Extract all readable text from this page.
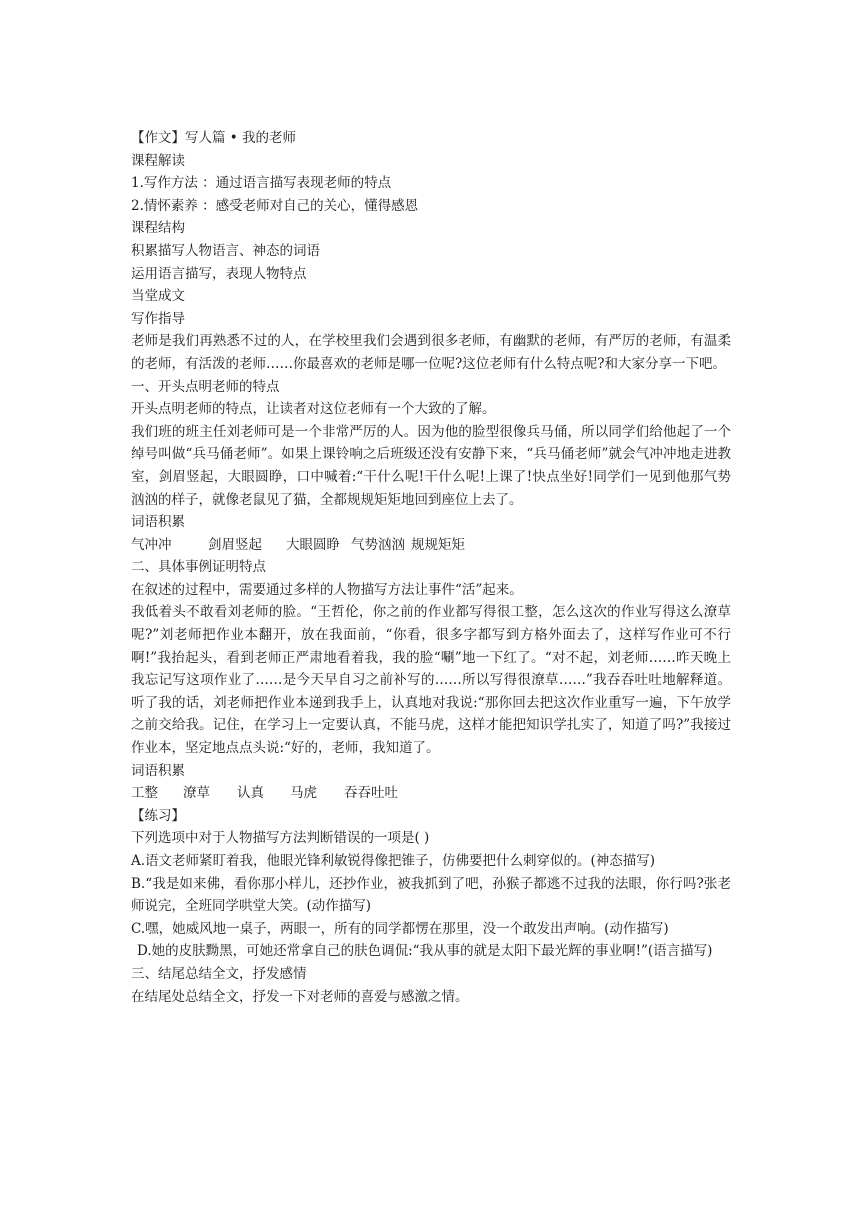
【作文】写人篇 • 我的老师
课程解读
1.写作方法 ：通过语言描写表现老师的特点
2.情怀素养 ：感受老师对自己的关心，懂得感恩
课程结构
积累描写人物语言、神态的词语
运用语言描写，表现人物特点
当堂成文
写作指导
老师是我们再熟悉不过的人，在学校里我们会遇到很多老师，有幽默的老师，有严厉的老师，有温柔的老师，有活泼的老师……你最喜欢的老师是哪一位呢?这位老师有什么特点呢?和大家分享一下吧。
一、开头点明老师的特点
开头点明老师的特点，让读者对这位老师有一个大致的了解。
我们班的班主任刘老师可是一个非常严厉的人。因为他的脸型很像兵马俑，所以同学们给他起了一个绰号叫做“兵马俑老师”。如果上课铃响之后班级还没有安静下来，“兵马俑老师”就会气冲冲地走进教室，剑眉竖起，大眼圆睁，口中喊着:“干什么呢!干什么呢!上课了!快点坐好!同学们一见到他那气势汹汹的样子，就像老鼠见了猫，全都规规矩矩地回到座位上去了。
词语积累
气冲冲	剑眉竖起 大眼圆睁 气势汹汹 规规矩矩
二、具体事例证明特点
在叙述的过程中，需要通过多样的人物描写方法让事件“活”起来。
我低着头不敢看刘老师的脸。“王哲伦，你之前的作业都写得很工整，怎么这次的作业写得这么潦草呢?”刘老师把作业本翻开，放在我面前，“你看，很多字都写到方格外面去了，这样写作业可不行啊!”我抬起头，看到老师正严肃地看着我，我的脸“唰”地一下红了。“对不起，刘老师……昨天晚上我忘记写这项作业了……是今天早自习之前补写的……所以写得很潦草……”我吞吞吐吐地解释道。听了我的话，刘老师把作业本递到我手上，认真地对我说:“那你回去把这次作业重写一遍，下午放学之前交给我。记住，在学习上一定要认真，不能马虎，这样才能把知识学扎实了，知道了吗?”我接过作业本，坚定地点点头说:“好的，老师，我知道了。
词语积累
工整 潦草 认真 马虎 吞吞吐吐
【练习】
下列选项中对于人物描写方法判断错误的一项是( )
A.语文老师紧盯着我，他眼光锋利敏锐得像把锥子，仿佛要把什么刺穿似的。(神态描写)
B.“我是如来佛，看你那小样儿，还抄作业，被我抓到了吧，孙猴子都逃不过我的法眼，你行吗?张老师说完，全班同学哄堂大笑。(动作描写)
C.嘿，她威风地一桌子，两眼一，所有的同学都愣在那里，没一个敢发出声响。(动作描写)
D.她的皮肤黝黑，可她还常拿自己的肤色调侃:“我从事的就是太阳下最光辉的事业啊!”(语言描写)
三、结尾总结全文，抒发感情
在结尾处总结全文，抒发一下对老师的喜爱与感激之情。
